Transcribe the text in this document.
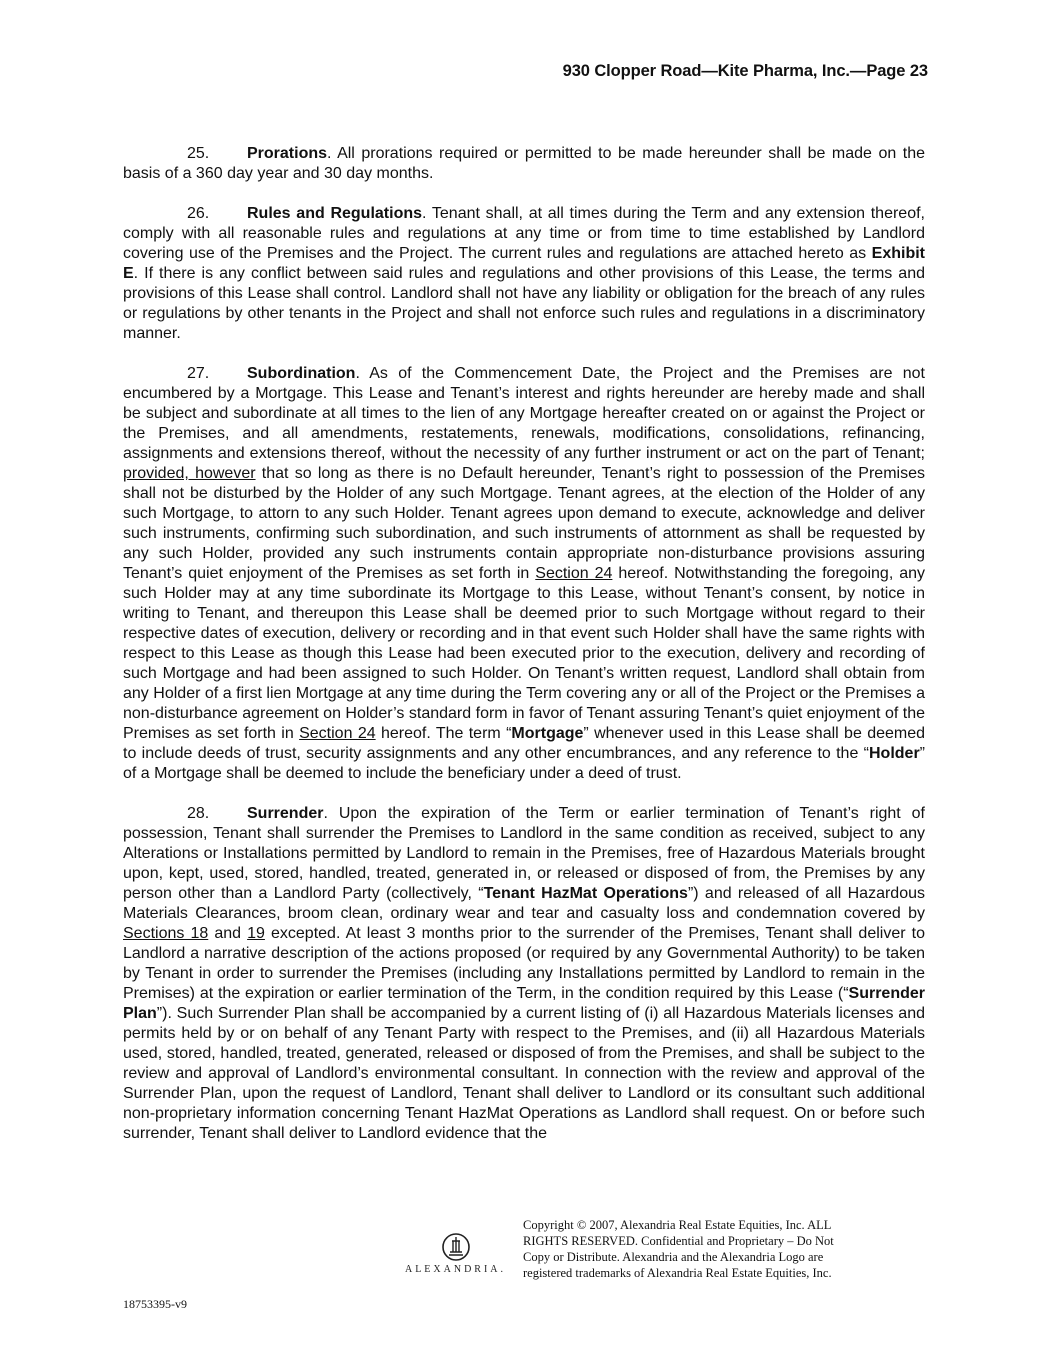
930 Clopper Road—Kite Pharma, Inc.—Page 23

25. Prorations. All prorations required or permitted to be made hereunder shall be made on the basis of a 360 day year and 30 day months.

26. Rules and Regulations. Tenant shall, at all times during the Term and any extension thereof, comply with all reasonable rules and regulations at any time or from time to time established by Landlord covering use of the Premises and the Project. The current rules and regulations are attached hereto as Exhibit E. If there is any conflict between said rules and regulations and other provisions of this Lease, the terms and provisions of this Lease shall control. Landlord shall not have any liability or obligation for the breach of any rules or regulations by other tenants in the Project and shall not enforce such rules and regulations in a discriminatory manner.

27. Subordination. As of the Commencement Date, the Project and the Premises are not encumbered by a Mortgage. This Lease and Tenant’s interest and rights hereunder are hereby made and shall be subject and subordinate at all times to the lien of any Mortgage hereafter created on or against the Project or the Premises, and all amendments, restatements, renewals, modifications, consolidations, refinancing, assignments and extensions thereof, without the necessity of any further instrument or act on the part of Tenant; provided, however that so long as there is no Default hereunder, Tenant’s right to possession of the Premises shall not be disturbed by the Holder of any such Mortgage. Tenant agrees, at the election of the Holder of any such Mortgage, to attorn to any such Holder. Tenant agrees upon demand to execute, acknowledge and deliver such instruments, confirming such subordination, and such instruments of attornment as shall be requested by any such Holder, provided any such instruments contain appropriate non-disturbance provisions assuring Tenant’s quiet enjoyment of the Premises as set forth in Section 24 hereof. Notwithstanding the foregoing, any such Holder may at any time subordinate its Mortgage to this Lease, without Tenant’s consent, by notice in writing to Tenant, and thereupon this Lease shall be deemed prior to such Mortgage without regard to their respective dates of execution, delivery or recording and in that event such Holder shall have the same rights with respect to this Lease as though this Lease had been executed prior to the execution, delivery and recording of such Mortgage and had been assigned to such Holder. On Tenant’s written request, Landlord shall obtain from any Holder of a first lien Mortgage at any time during the Term covering any or all of the Project or the Premises a non-disturbance agreement on Holder’s standard form in favor of Tenant assuring Tenant’s quiet enjoyment of the Premises as set forth in Section 24 hereof. The term “Mortgage” whenever used in this Lease shall be deemed to include deeds of trust, security assignments and any other encumbrances, and any reference to the “Holder” of a Mortgage shall be deemed to include the beneficiary under a deed of trust.

28. Surrender. Upon the expiration of the Term or earlier termination of Tenant’s right of possession, Tenant shall surrender the Premises to Landlord in the same condition as received, subject to any Alterations or Installations permitted by Landlord to remain in the Premises, free of Hazardous Materials brought upon, kept, used, stored, handled, treated, generated in, or released or disposed of from, the Premises by any person other than a Landlord Party (collectively, “Tenant HazMat Operations”) and released of all Hazardous Materials Clearances, broom clean, ordinary wear and tear and casualty loss and condemnation covered by Sections 18 and 19 excepted. At least 3 months prior to the surrender of the Premises, Tenant shall deliver to Landlord a narrative description of the actions proposed (or required by any Governmental Authority) to be taken by Tenant in order to surrender the Premises (including any Installations permitted by Landlord to remain in the Premises) at the expiration or earlier termination of the Term, in the condition required by this Lease (“Surrender Plan”). Such Surrender Plan shall be accompanied by a current listing of (i) all Hazardous Materials licenses and permits held by or on behalf of any Tenant Party with respect to the Premises, and (ii) all Hazardous Materials used, stored, handled, treated, generated, released or disposed of from the Premises, and shall be subject to the review and approval of Landlord’s environmental consultant. In connection with the review and approval of the Surrender Plan, upon the request of Landlord, Tenant shall deliver to Landlord or its consultant such additional non-proprietary information concerning Tenant HazMat Operations as Landlord shall request. On or before such surrender, Tenant shall deliver to Landlord evidence that the

ALEXANDRIA.
Copyright © 2007, Alexandria Real Estate Equities, Inc. ALL
RIGHTS RESERVED. Confidential and Proprietary – Do Not
Copy or Distribute. Alexandria and the Alexandria Logo are
registered trademarks of Alexandria Real Estate Equities, Inc.
18753395-v9
